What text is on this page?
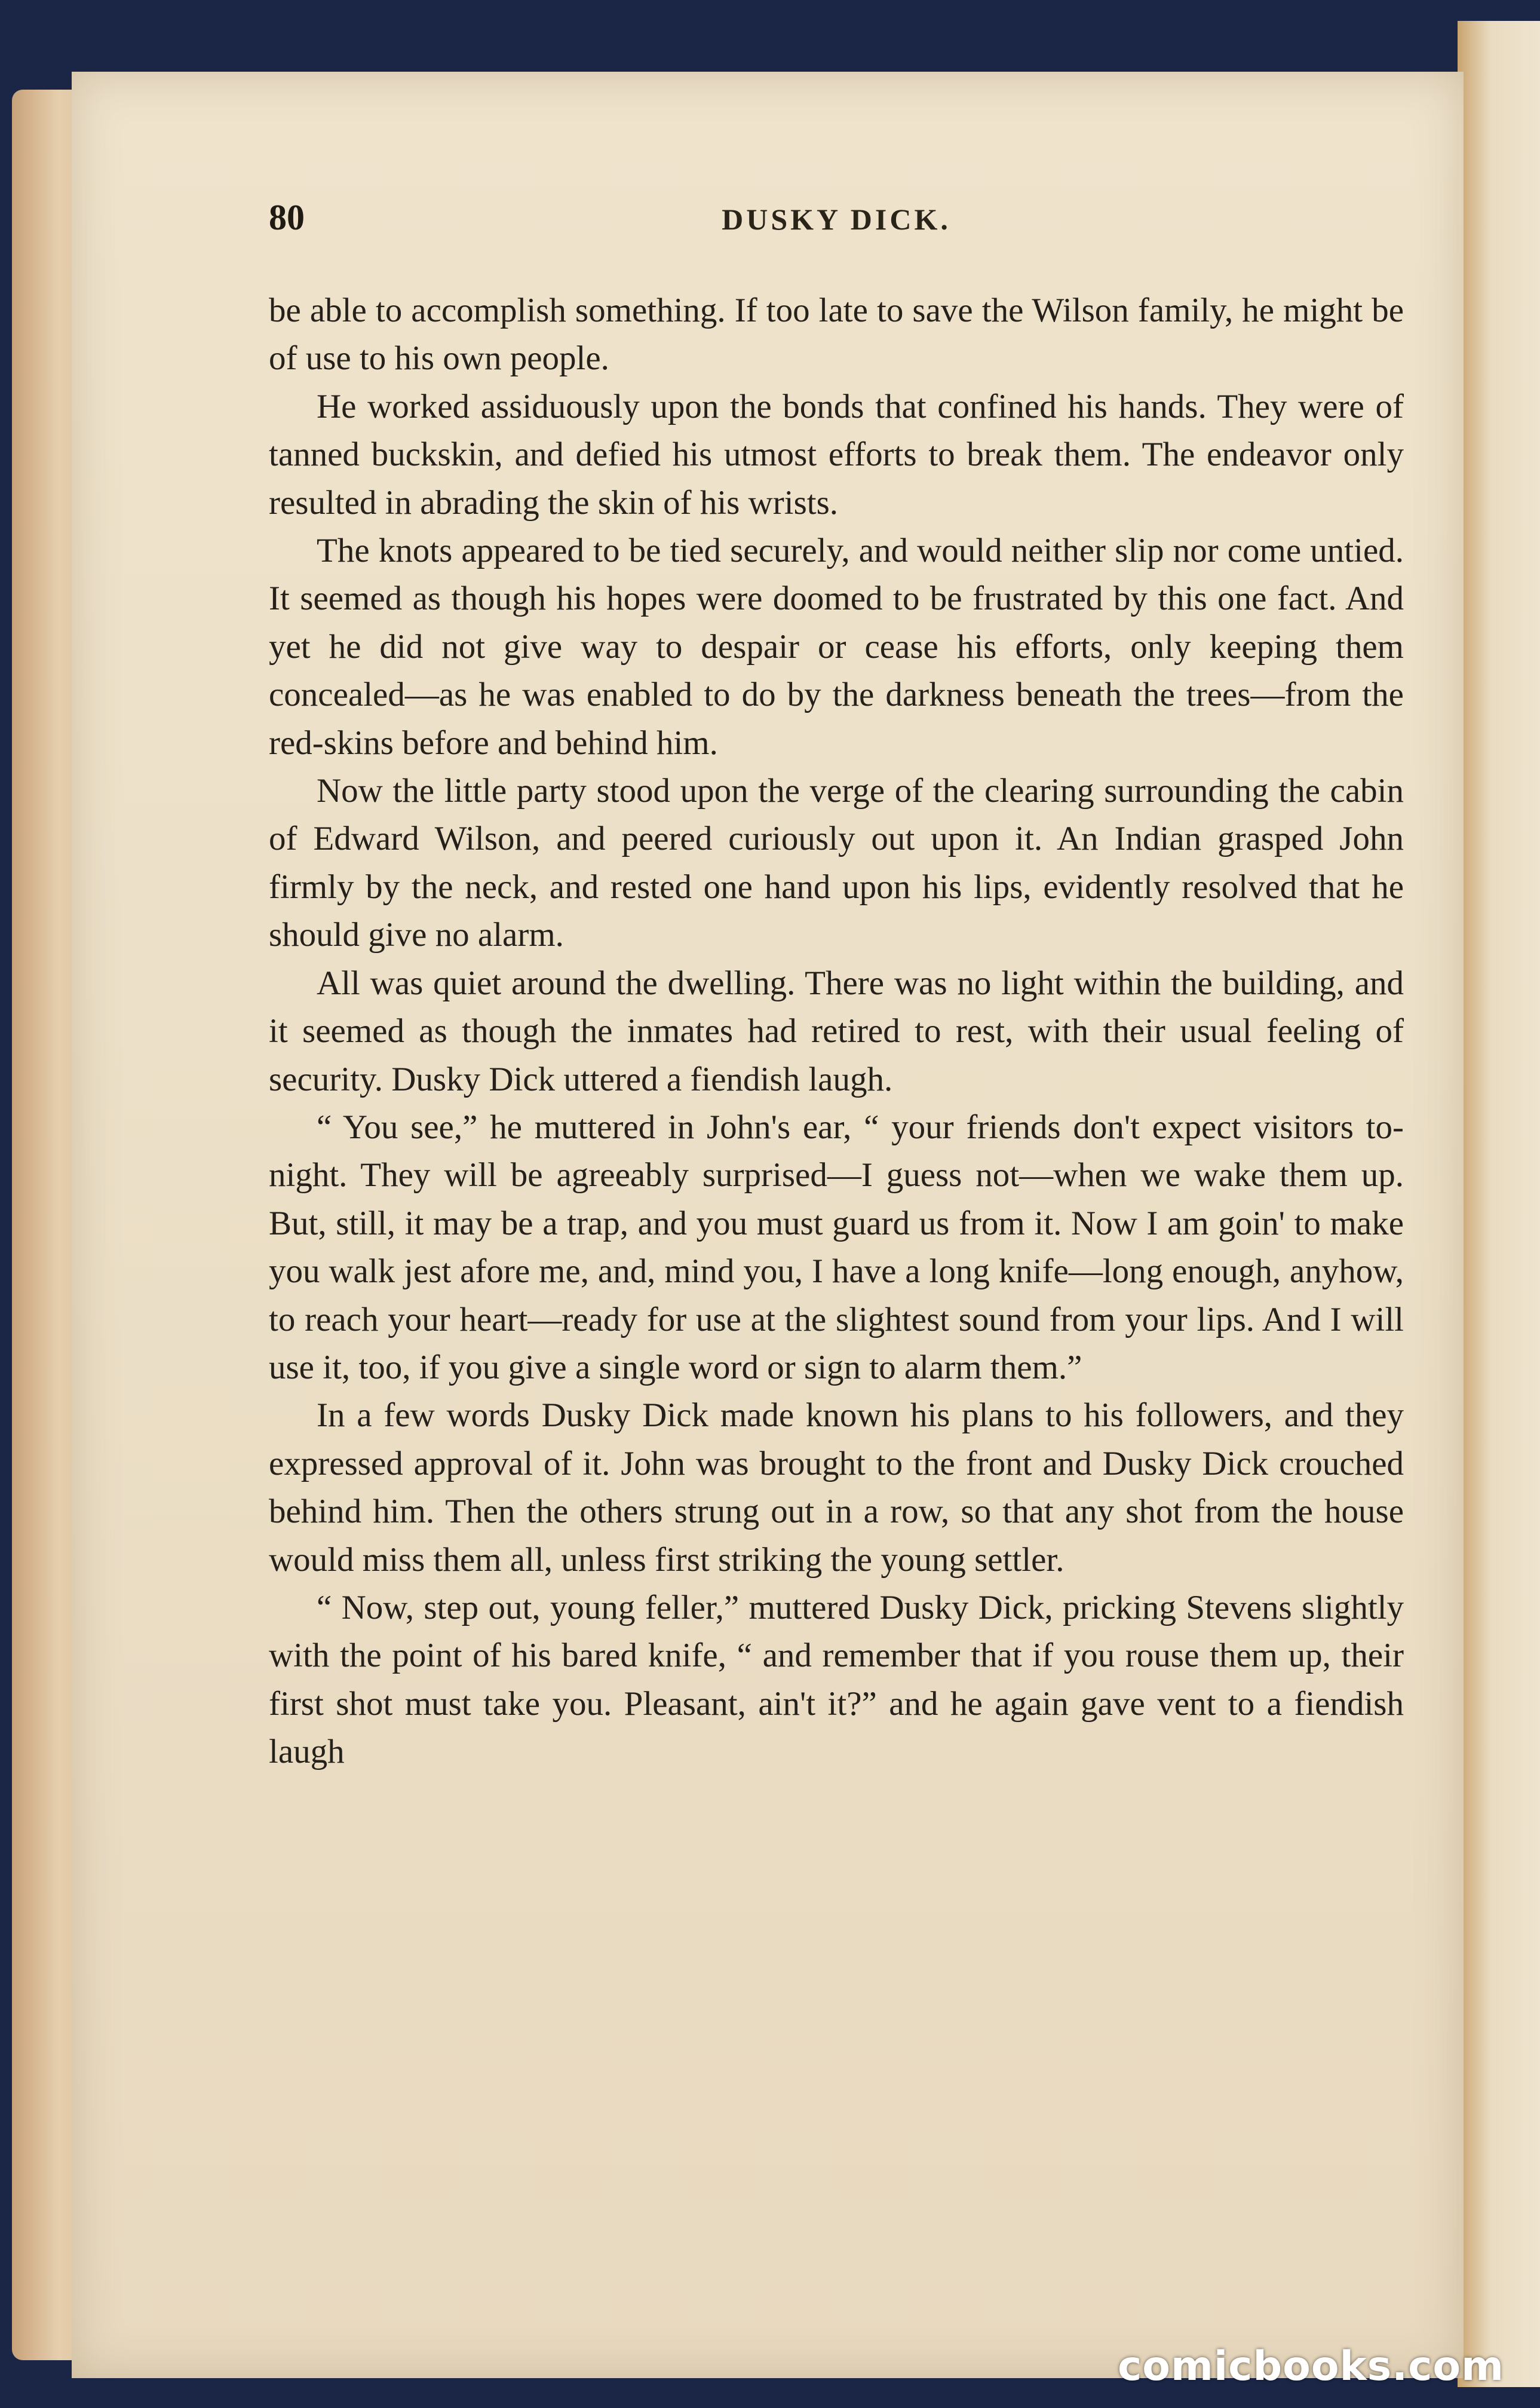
80	DUSKY DICK.

be able to accomplish something. If too late to save the Wilson family, he might be of use to his own people.

He worked assiduously upon the bonds that confined his hands. They were of tanned buckskin, and defied his utmost efforts to break them. The endeavor only resulted in abrading the skin of his wrists.

The knots appeared to be tied securely, and would neither slip nor come untied. It seemed as though his hopes were doomed to be frustrated by this one fact. And yet he did not give way to despair or cease his efforts, only keeping them concealed—as he was enabled to do by the darkness beneath the trees—from the red-skins before and behind him.

Now the little party stood upon the verge of the clearing surrounding the cabin of Edward Wilson, and peered curiously out upon it. An Indian grasped John firmly by the neck, and rested one hand upon his lips, evidently resolved that he should give no alarm.

All was quiet around the dwelling. There was no light within the building, and it seemed as though the inmates had retired to rest, with their usual feeling of security. Dusky Dick uttered a fiendish laugh.

“ You see,” he muttered in John's ear, “ your friends don't expect visitors to-night. They will be agreeably surprised—I guess not—when we wake them up. But, still, it may be a trap, and you must guard us from it. Now I am goin' to make you walk jest afore me, and, mind you, I have a long knife—long enough, anyhow, to reach your heart—ready for use at the slightest sound from your lips. And I will use it, too, if you give a single word or sign to alarm them.”

In a few words Dusky Dick made known his plans to his followers, and they expressed approval of it. John was brought to the front and Dusky Dick crouched behind him. Then the others strung out in a row, so that any shot from the house would miss them all, unless first striking the young settler.

“ Now, step out, young feller,” muttered Dusky Dick, pricking Stevens slightly with the point of his bared knife, “ and remember that if you rouse them up, their first shot must take you. Pleasant, ain't it?” and he again gave vent to a fiendish laugh

comicbooks.com
